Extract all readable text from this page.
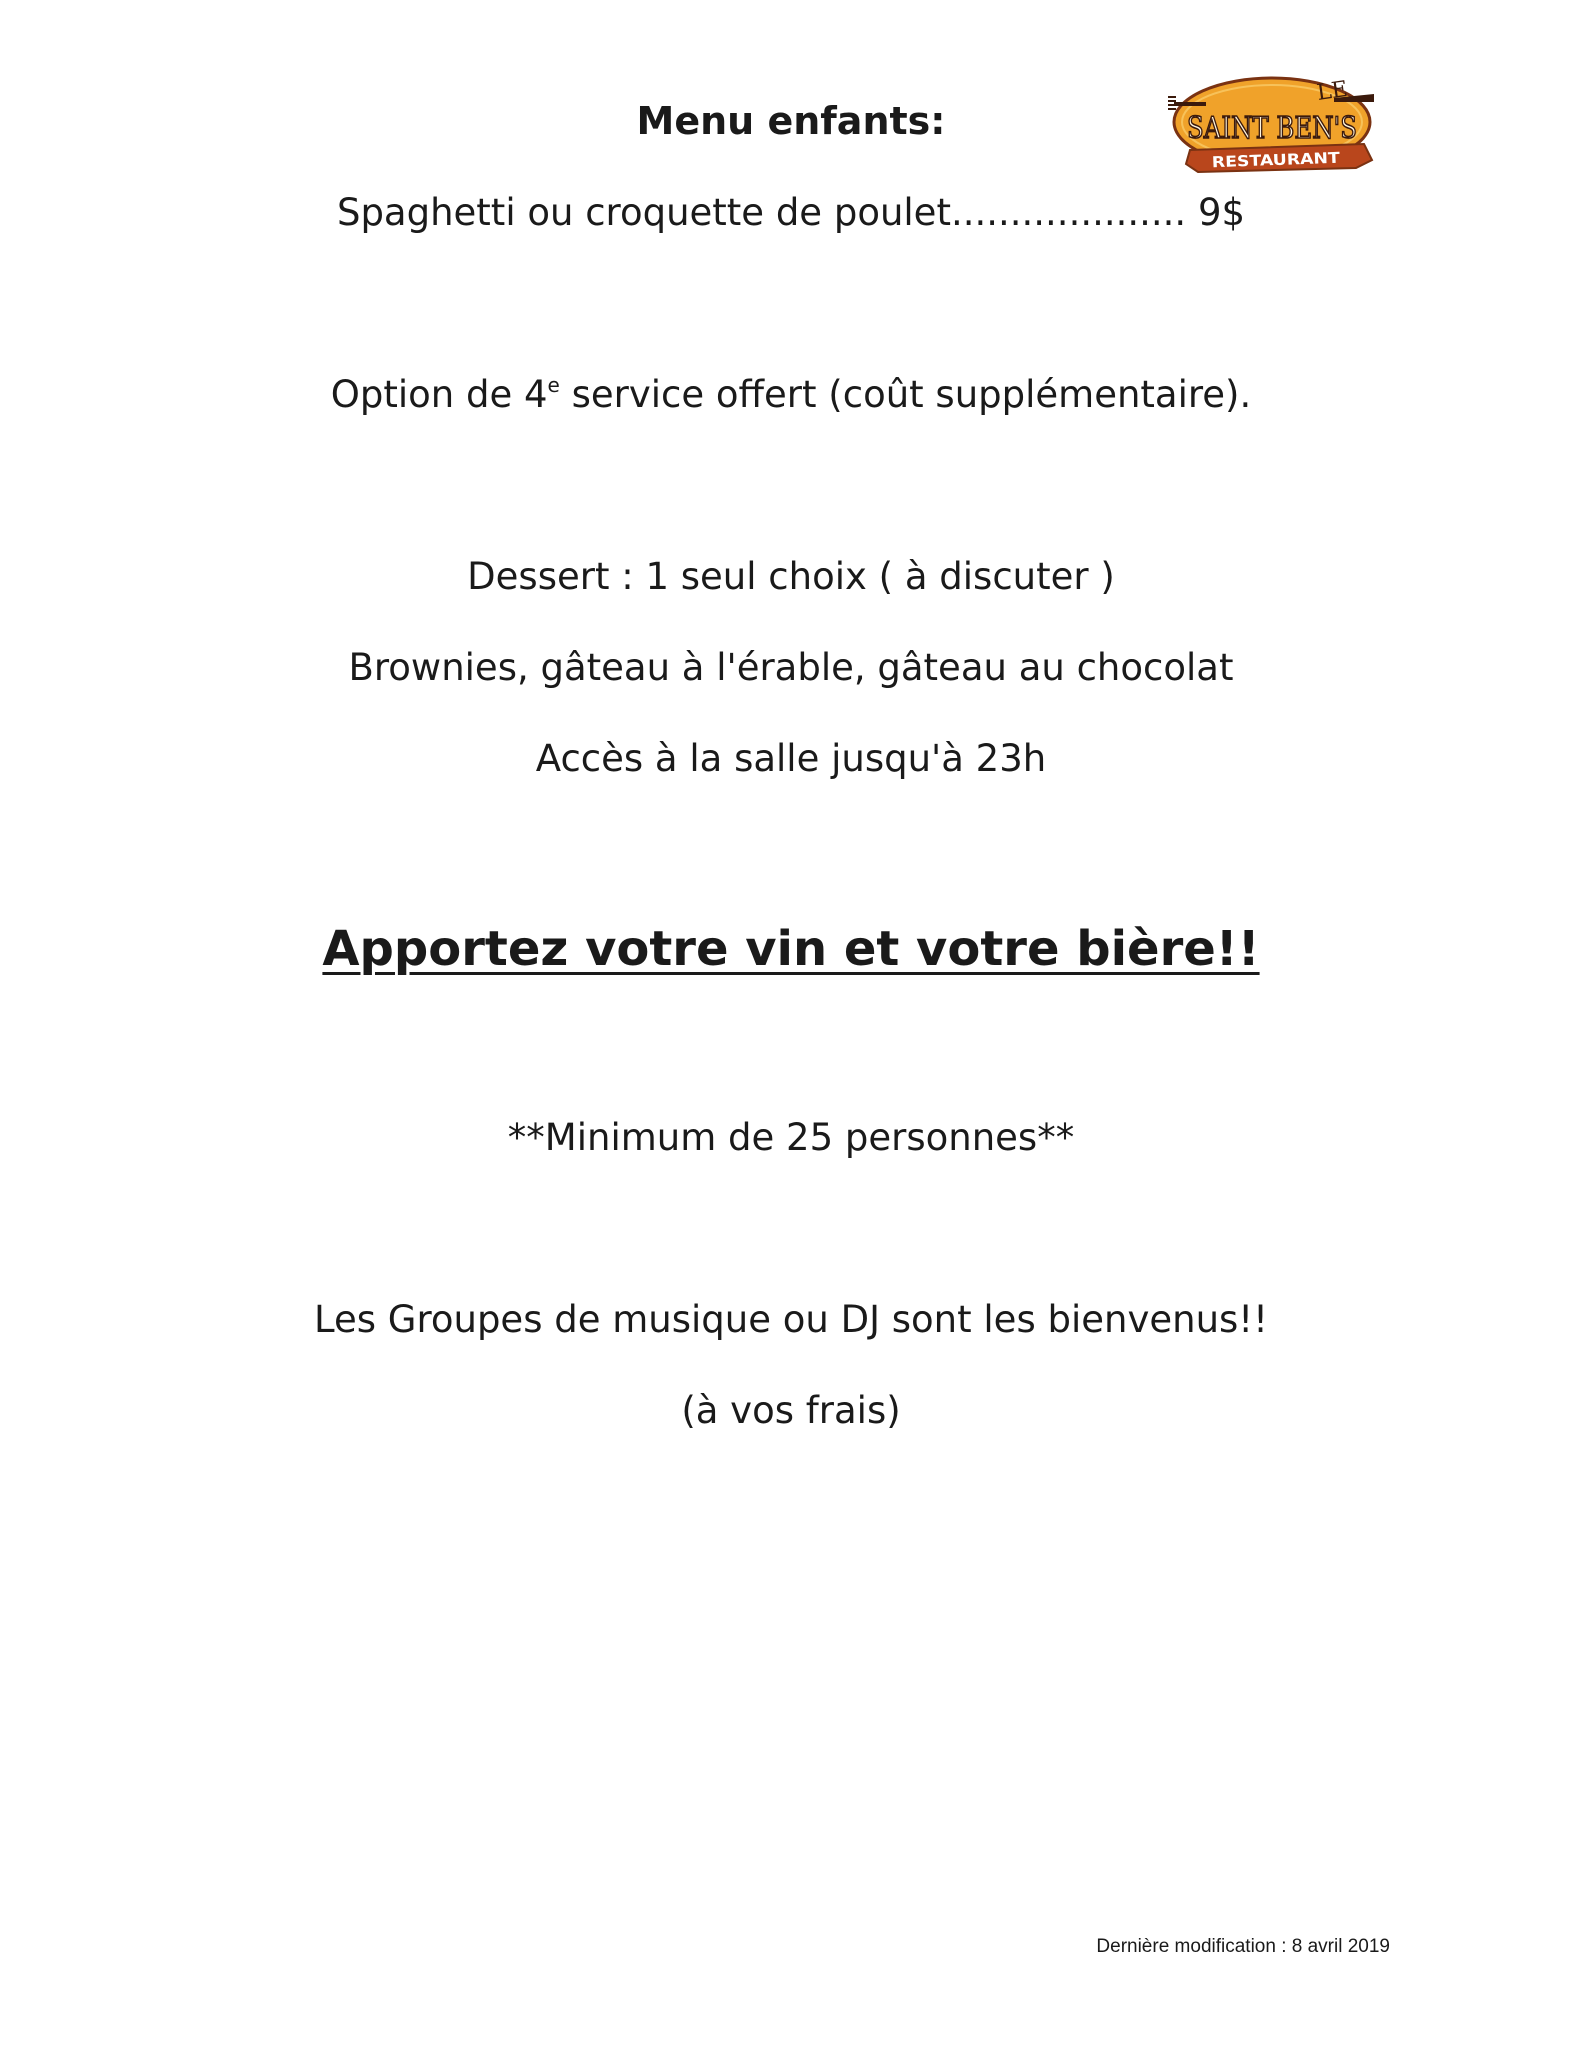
LE
SAINT BEN'S
RESTAURANT
Menu enfants:
Spaghetti ou croquette de poulet.................... 9$
Option de 4e service offert (coût supplémentaire).
Dessert : 1 seul choix ( à discuter )
Brownies, gâteau à l'érable, gâteau au chocolat
Accès à la salle jusqu'à 23h
Apportez votre vin et votre bière!!
**Minimum de 25 personnes**
Les Groupes de musique ou DJ sont les bienvenus!!
(à vos frais)
Dernière modification : 8 avril 2019
